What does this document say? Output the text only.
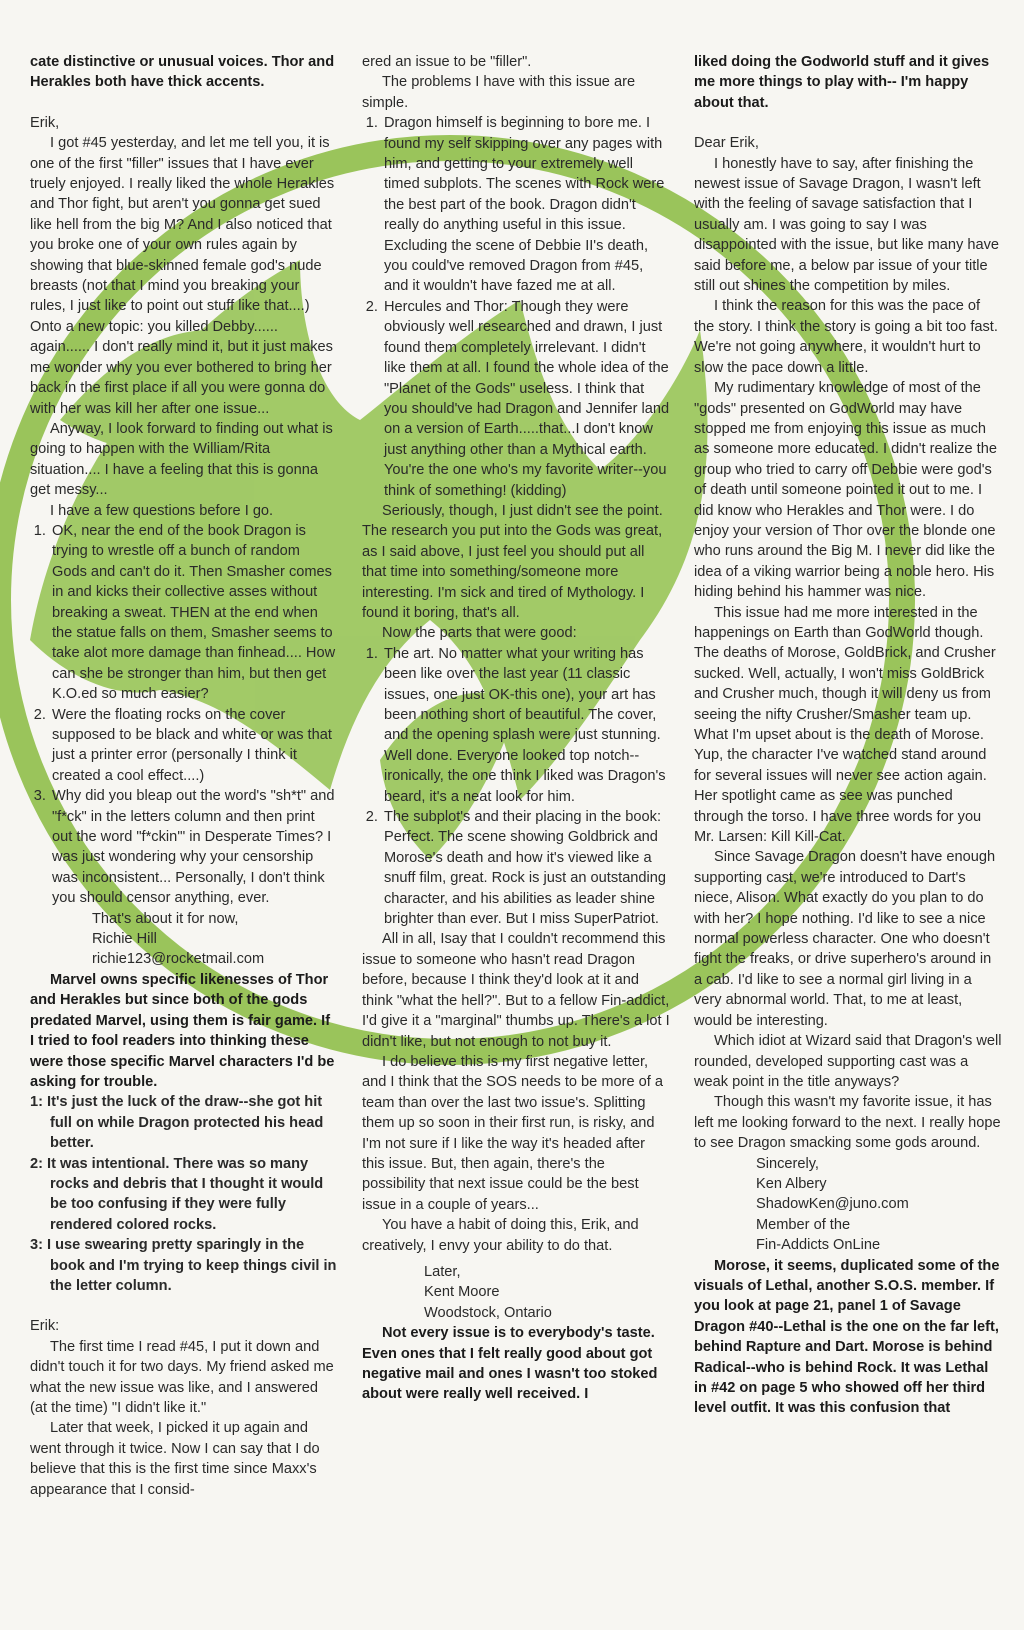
cate distinctive or unusual voices. Thor and Herakles both have thick accents.

Erik,

I got #45 yesterday, and let me tell you, it is one of the first "filler" issues that I have ever truely enjoyed. I really liked the whole Herakles and Thor fight, but aren't you gonna get sued like hell from the big M? And I also noticed that you broke one of your own rules again by showing that blue-skinned female god's nude breasts (not that I mind you breaking your rules, I just like to point out stuff like that....) Onto a new topic: you killed Debby...... again...... I don't really mind it, but it just makes me wonder why you ever bothered to bring her back in the first place if all you were gonna do with her was kill her after one issue...

Anyway, I look forward to finding out what is going to happen with the William/Rita situation.... I have a feeling that this is gonna get messy...

I have a few questions before I go.

1. OK, near the end of the book Dragon is trying to wrestle off a bunch of random Gods and can't do it. Then Smasher comes in and kicks their collective asses without breaking a sweat. THEN at the end when the statue falls on them, Smasher seems to take alot more damage than finhead.... How can she be stronger than him, but then get K.O.ed so much easier?
2. Were the floating rocks on the cover supposed to be black and white or was that just a printer error (personally I think it created a cool effect....)
3. Why did you bleap out the word's "sh*t" and "f*ck" in the letters column and then print out the word "f*ckin'" in Desperate Times? I was just wondering why your censorship was inconsistent... Personally, I don't think you should censor anything, ever.
That's about it for now,
Richie Hill
richie123@rocketmail.com

Marvel owns specific likenesses of Thor and Herakles but since both of the gods predated Marvel, using them is fair game. If I tried to fool readers into thinking these were those specific Marvel characters I'd be asking for trouble.

1: It's just the luck of the draw--she got hit full on while Dragon protected his head better.
2: It was intentional. There was so many rocks and debris that I thought it would be too confusing if they were fully rendered colored rocks.
3: I use swearing pretty sparingly in the book and I'm trying to keep things civil in the letter column.

Erik:

The first time I read #45, I put it down and didn't touch it for two days. My friend asked me what the new issue was like, and I answered (at the time) "I didn't like it."

Later that week, I picked it up again and went through it twice. Now I can say that I do believe that this is the first time since Maxx's appearance that I consid-

ered an issue to be "filler".

The problems I have with this issue are simple.

1. Dragon himself is beginning to bore me. I found my self skipping over any pages with him, and getting to your extremely well timed subplots. The scenes with Rock were the best part of the book. Dragon didn't really do anything useful in this issue. Excluding the scene of Debbie II's death, you could've removed Dragon from #45, and it wouldn't have fazed me at all.
2. Hercules and Thor: Though they were obviously well researched and drawn, I just found them completely irrelevant. I didn't like them at all. I found the whole idea of the "Planet of the Gods" useless. I think that you should've had Dragon and Jennifer land on a version of Earth.....that...I don't know just anything other than a Mythical earth. You're the one who's my favorite writer--you think of something! (kidding)

Seriously, though, I just didn't see the point. The research you put into the Gods was great, as I said above, I just feel you should put all that time into something/someone more interesting. I'm sick and tired of Mythology. I found it boring, that's all.

Now the parts that were good:

1. The art. No matter what your writing has been like over the last year (11 classic issues, one just OK-this one), your art has been nothing short of beautiful. The cover, and the opening splash were just stunning. Well done. Everyone looked top notch--ironically, the one think I liked was Dragon's beard, it's a neat look for him.
2. The subplot's and their placing in the book: Perfect. The scene showing Goldbrick and Morose's death and how it's viewed like a snuff film, great. Rock is just an outstanding character, and his abilities as leader shine brighter than ever. But I miss SuperPatriot.

All in all, Isay that I couldn't recommend this issue to someone who hasn't read Dragon before, because I think they'd look at it and think "what the hell?". But to a fellow Fin-addict, I'd give it a "marginal" thumbs up. There's a lot I didn't like, but not enough to not buy it.

I do believe this is my first negative letter, and I think that the SOS needs to be more of a team than over the last two issue's. Splitting them up so soon in their first run, is risky, and I'm not sure if I like the way it's headed after this issue. But, then again, there's the possibility that next issue could be the best issue in a couple of years...

You have a habit of doing this, Erik, and creatively, I envy your ability to do that.

Later,
Kent Moore
Woodstock, Ontario

Not every issue is to everybody's taste. Even ones that I felt really good about got negative mail and ones I wasn't too stoked about were really well received. I

liked doing the Godworld stuff and it gives me more things to play with-- I'm happy about that.

Dear Erik,

I honestly have to say, after finishing the newest issue of Savage Dragon, I wasn't left with the feeling of savage satisfaction that I usually am. I was going to say I was disappointed with the issue, but like many have said before me, a below par issue of your title still out shines the competition by miles.

I think the reason for this was the pace of the story. I think the story is going a bit too fast. We're not going anywhere, it wouldn't hurt to slow the pace down a little.

My rudimentary knowledge of most of the "gods" presented on GodWorld may have stopped me from enjoying this issue as much as someone more educated. I didn't realize the group who tried to carry off Debbie were god's of death until someone pointed it out to me. I did know who Herakles and Thor were. I do enjoy your version of Thor over the blonde one who runs around the Big M. I never did like the idea of a viking warrior being a noble hero. His hiding behind his hammer was nice.

This issue had me more interested in the happenings on Earth than GodWorld though. The deaths of Morose, GoldBrick, and Crusher sucked. Well, actually, I won't miss GoldBrick and Crusher much, though it will deny us from seeing the nifty Crusher/Smasher team up. What I'm upset about is the death of Morose. Yup, the character I've watched stand around for several issues will never see action again. Her spotlight came as see was punched through the torso. I have three words for you Mr. Larsen: Kill Kill-Cat.

Since Savage Dragon doesn't have enough supporting cast, we're introduced to Dart's niece, Alison. What exactly do you plan to do with her? I hope nothing. I'd like to see a nice normal powerless character. One who doesn't fight the freaks, or drive superhero's around in a cab. I'd like to see a normal girl living in a very abnormal world. That, to me at least, would be interesting.

Which idiot at Wizard said that Dragon's well rounded, developed supporting cast was a weak point in the title anyways?

Though this wasn't my favorite issue, it has left me looking forward to the next. I really hope to see Dragon smacking some gods around.

Sincerely,
Ken Albery
ShadowKen@juno.com
Member of the
Fin-Addicts OnLine

Morose, it seems, duplicated some of the visuals of Lethal, another S.O.S. member. If you look at page 21, panel 1 of Savage Dragon #40--Lethal is the one on the far left, behind Rapture and Dart. Morose is behind Radical--who is behind Rock. It was Lethal in #42 on page 5 who showed off her third level outfit. It was this confusion that
